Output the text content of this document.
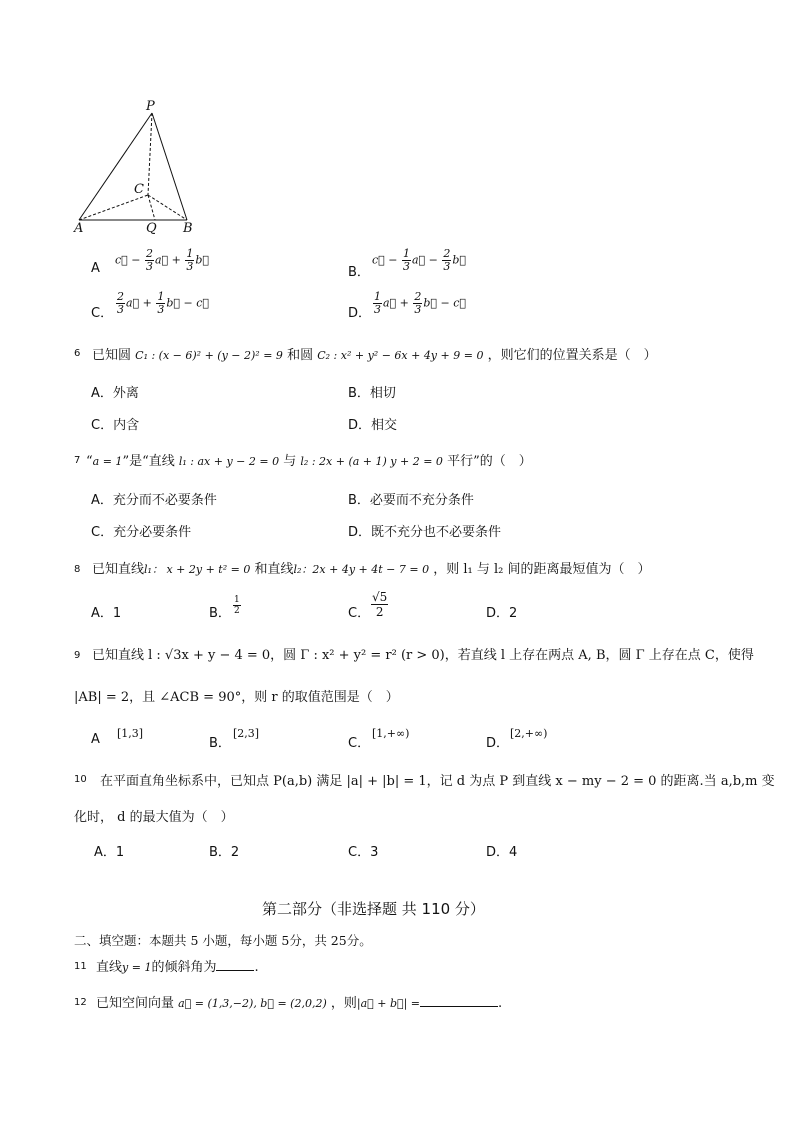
P
C
A	Q B
A
c⃗ − $\frac{2}{3}$ a⃗ + $\frac{1}{3}$ b⃗
B．
c⃗ − $\frac{1}{3}$ a⃗ − $\frac{2}{3}$ b⃗
C． $\frac{2}{3}$ a⃗ + $\frac{1}{3}$ b⃗ − c⃗
D． $\frac{1}{3}$ a⃗ + $\frac{2}{3}$ b⃗ − c⃗
6 已知圆 C₁ : (x − 6)² + (y − 2)² = 9 和圆 C₂ : x² + y² − 6x + 4y + 9 = 0 ，则它们的位置关系是（　）
A．外离	B．相切
C．内含	D．相交
7 “a = 1”是“直线 l₁ : ax + y − 2 = 0 与 l₂ : 2x + (a + 1) y + 2 = 0 平行”的（　）
A．充分而不必要条件	B．必要而不充分条件
C．充分必要条件	D．既不充分也不必要条件
8 已知直线l₁： x + 2y + t² = 0 和直线l₂：2x + 4y + 4t − 7 = 0 ，则 l₁ 与 l₂ 间的距离最短值为（　）
A．1	B． $\frac{1}{2}$	C． $\frac{√5}{2}$	D．2
9 已知直线 l : √3x + y − 4 = 0，圆 Γ : x² + y² = r² (r > 0)，若直线 l 上存在两点 A, B，圆 Γ 上存在点 C，使得
|AB| = 2，且 ∠ACB = 90°，则 r 的取值范围是（　）
A [1,3]
B．
[2,3]
C．
[1,+∞)
D．
[2,+∞)
10 在平面直角坐标系中，已知点 P(a,b) 满足 |a| + |b| = 1，记 d 为点 P 到直线 x − my − 2 = 0 的距离.当 a,b,m 变
化时， d 的最大值为（　）
A．1	B．2	C．3	D．4
第二部分（非选择题 共 110 分）
二、填空题：本题共 5 小题，每小题 5分，共 25分。
11 直线y = 1的倾斜角为	.
12 已知空间向量 a⃗ = (1,3,−2), b⃗ = (2,0,2) ，则|a⃗ + b⃗| =	.
